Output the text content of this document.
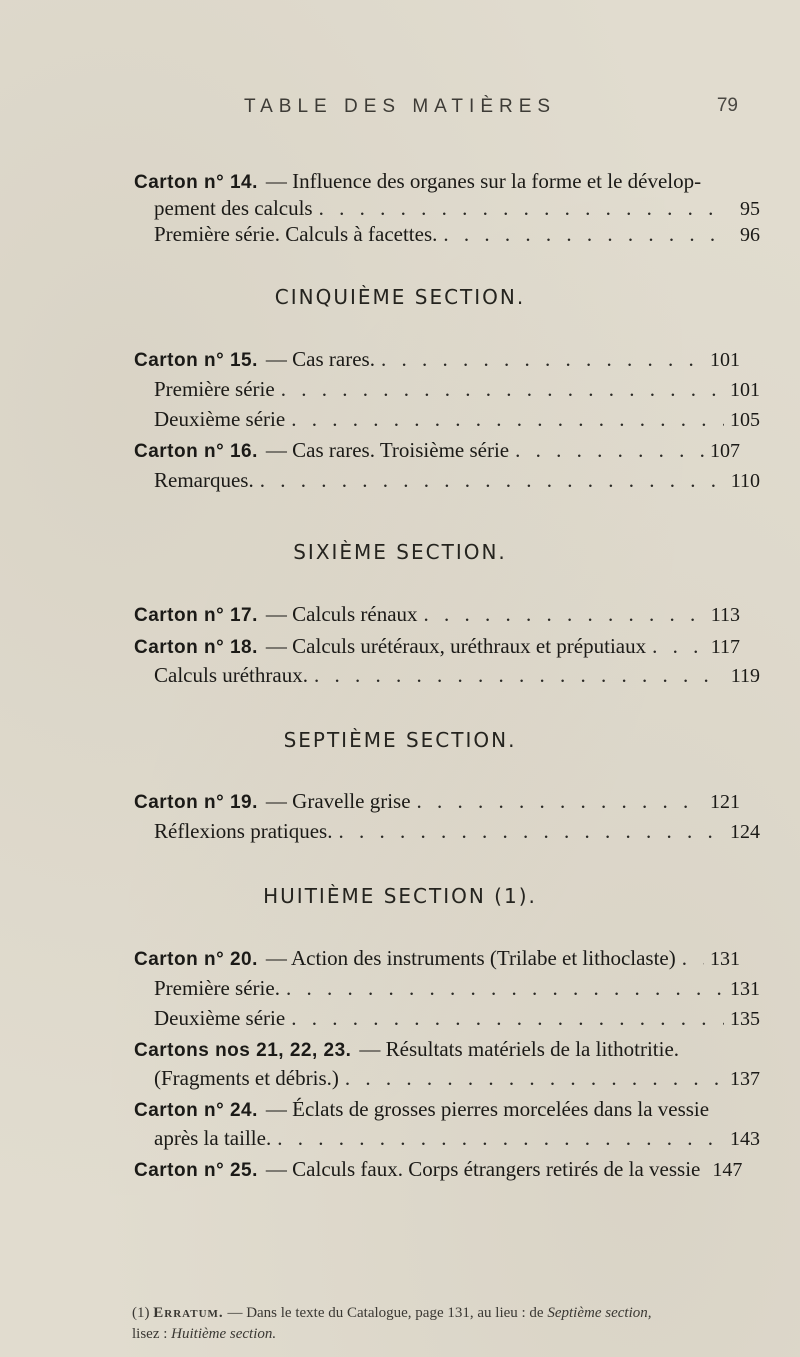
TABLE DES MATIÈRES	79
Carton n° 14. — Influence des organes sur la forme et le dévelop-
pement des calculs . . .	95
Première série. Calculs à facettes. . . .	96
CINQUIÈME SECTION.
Carton n° 15. — Cas rares. . . .	101
Première série . . .	101
Deuxième série . . .	105
Carton n° 16. — Cas rares. Troisième série . . .	107
Remarques. . . .	110
SIXIÈME SECTION.
Carton n° 17. — Calculs rénaux . . .	113
Carton n° 18. — Calculs urétéraux, uréthraux et préputiaux . . .	117
Calculs uréthraux. . . .	119
SEPTIÈME SECTION.
Carton n° 19. — Gravelle grise . . .	121
Réflexions pratiques. . . .	124
HUITIÈME SECTION (1).
Carton n° 20. — Action des instruments (Trilabe et lithoclaste) . . . 131
Première série. . . .	131
Deuxième série . . .	135
Cartons nos 21, 22, 23. — Résultats matériels de la lithotritie.
(Fragments et débris.) . . .	137
Carton n° 24. — Éclats de grosses pierres morcelées dans la vessie
après la taille. . . .	143
Carton n° 25. — Calculs faux. Corps étrangers retirés de la vessie 147
(1) Erratum. — Dans le texte du Catalogue, page 131, au lieu : de Septième section,
lisez : Huitième section.
